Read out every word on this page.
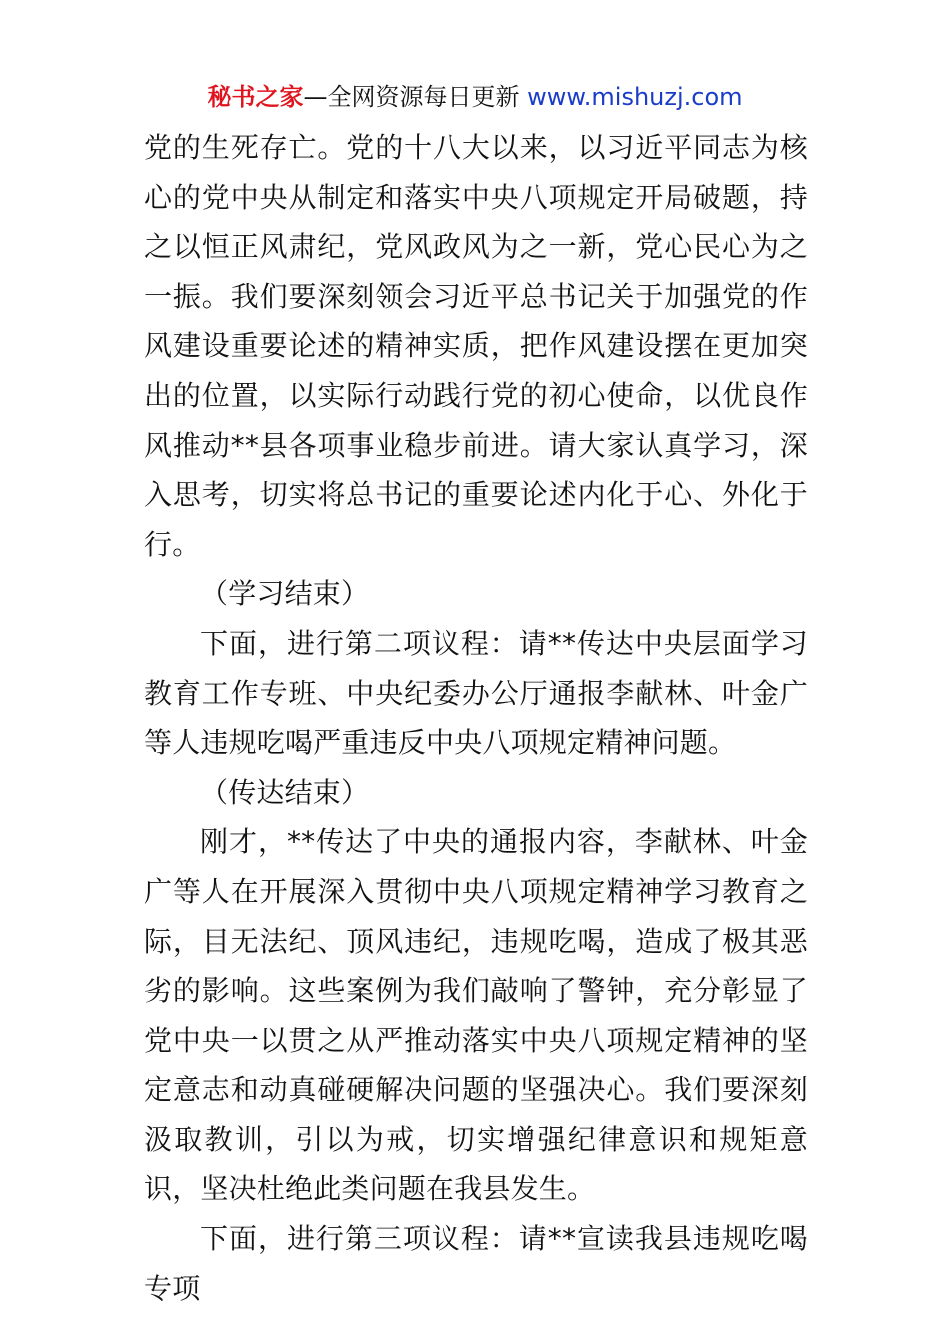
秘书之家—全网资源每日更新 www.mishuzj.com

党的生死存亡。党的十八大以来，以习近平同志为核心的党中央从制定和落实中央八项规定开局破题，持之以恒正风肃纪，党风政风为之一新，党心民心为之一振。我们要深刻领会习近平总书记关于加强党的作风建设重要论述的精神实质，把作风建设摆在更加突出的位置，以实际行动践行党的初心使命，以优良作风推动**县各项事业稳步前进。请大家认真学习，深入思考，切实将总书记的重要论述内化于心、外化于行。

（学习结束）

下面，进行第二项议程：请**传达中央层面学习教育工作专班、中央纪委办公厅通报李献林、叶金广等人违规吃喝严重违反中央八项规定精神问题。

（传达结束）

刚才，**传达了中央的通报内容，李献林、叶金广等人在开展深入贯彻中央八项规定精神学习教育之际，目无法纪、顶风违纪，违规吃喝，造成了极其恶劣的影响。这些案例为我们敲响了警钟，充分彰显了党中央一以贯之从严推动落实中央八项规定精神的坚定意志和动真碰硬解决问题的坚强决心。我们要深刻汲取教训，引以为戒，切实增强纪律意识和规矩意识，坚决杜绝此类问题在我县发生。

下面，进行第三项议程：请**宣读我县违规吃喝专项
